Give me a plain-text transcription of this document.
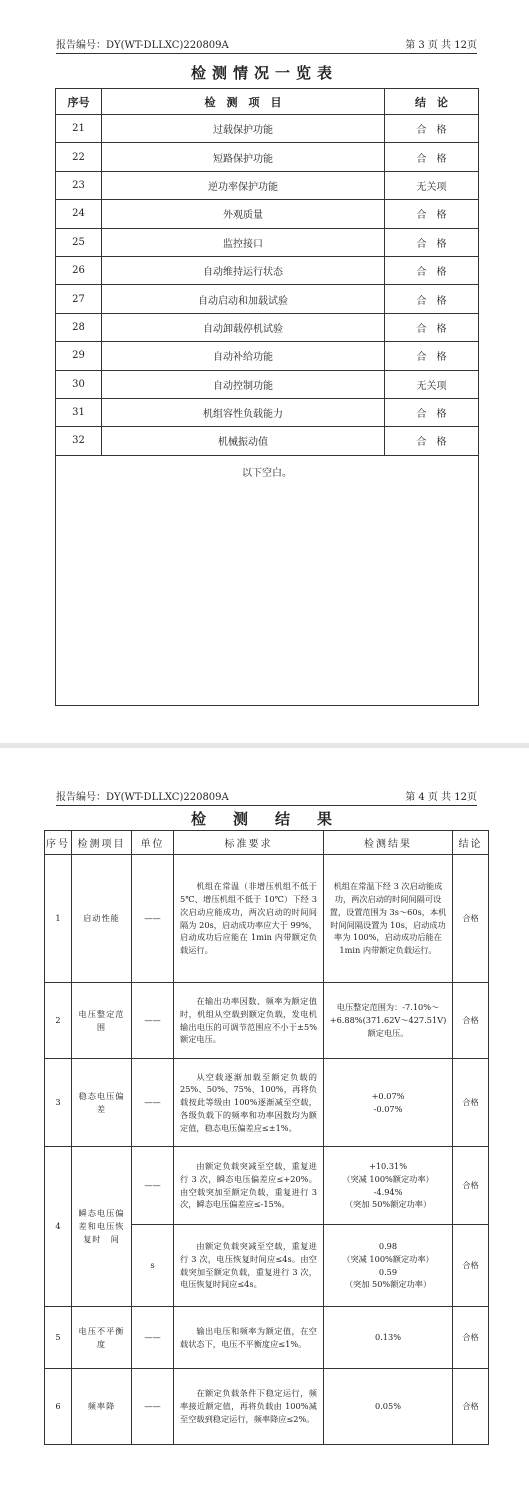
报告编号：DY(WT-DLLXC)220809A	第 3 页 共 12页
检测情况一览表
序号	检　测　项　目	结　论
21	过载保护功能	合　格
22	短路保护功能	合　格
23	逆功率保护功能	无关项
24	外观质量	合　格
25	监控接口	合　格
26	自动维持运行状态	合　格
27	自动启动和加载试验	合　格
28	自动卸载停机试验	合　格
29	自动补给功能	合　格
30	自动控制功能	无关项
31	机组容性负载能力	合　格
32	机械振动值	合　格
以下空白。		
报告编号：DY(WT-DLLXC)220809A	第 4 页 共 12页
检　测　结　果
序号	检测项目	单位	标准要求	检测结果	结论
1	启动性能	——	机组在常温（非增压机组不低于 5℃、增压机组不低于 10℃）下经 3 次启动应能成功，两次启动的时间间隔为 20s，启动成功率应大于 99%，启动成功后应能在 1min 内带额定负载运行。	机组在常温下经 3 次启动能成功，两次启动的时间间隔可设置，设置范围为 3s～60s，本机时间间隔设置为 10s，启动成功率为 100%，启动成功后能在 1min 内带额定负载运行。	合格
2	电压整定范　围	——	在输出功率因数、频率为额定值时，机组从空载到额定负载，发电机输出电压的可调节范围应不小于±5%额定电压。	电压整定范围为：-7.10%～+6.88%(371.62V～427.51V)额定电压。	合格
3	稳态电压偏　差	——	从空载逐渐加载至额定负载的 25%、50%、75%、100%，再将负载按此等级由 100%逐渐减至空载，各级负载下的频率和功率因数均为额定值，稳态电压偏差应≤±1%。	+0.07%
-0.07%	合格
4	瞬态电压偏差和电压恢复时　间	——	由额定负载突减至空载，重复进行 3 次，瞬态电压偏差应≤+20%。由空载突加至额定负载，重复进行 3 次，瞬态电压偏差应≤-15%。	+10.31%
（突减 100%额定功率）
-4.94%
（突加 50%额定功率）	合格
		s	由额定负载突减至空载，重复进行 3 次，电压恢复时间应≤4s。由空载突加至额定负载，重复进行 3 次，电压恢复时间应≤4s。	0.98
（突减 100%额定功率）
0.59
（突加 50%额定功率）	合格
5	电压不平衡　度	——	输出电压和频率为额定值，在空载状态下，电压不平衡度应≤1%。	0.13%	合格
6	频率降	——	在额定负载条件下稳定运行，频率接近额定值，再将负载由 100%减至空载到稳定运行，频率降应≤2%。	0.05%	合格
